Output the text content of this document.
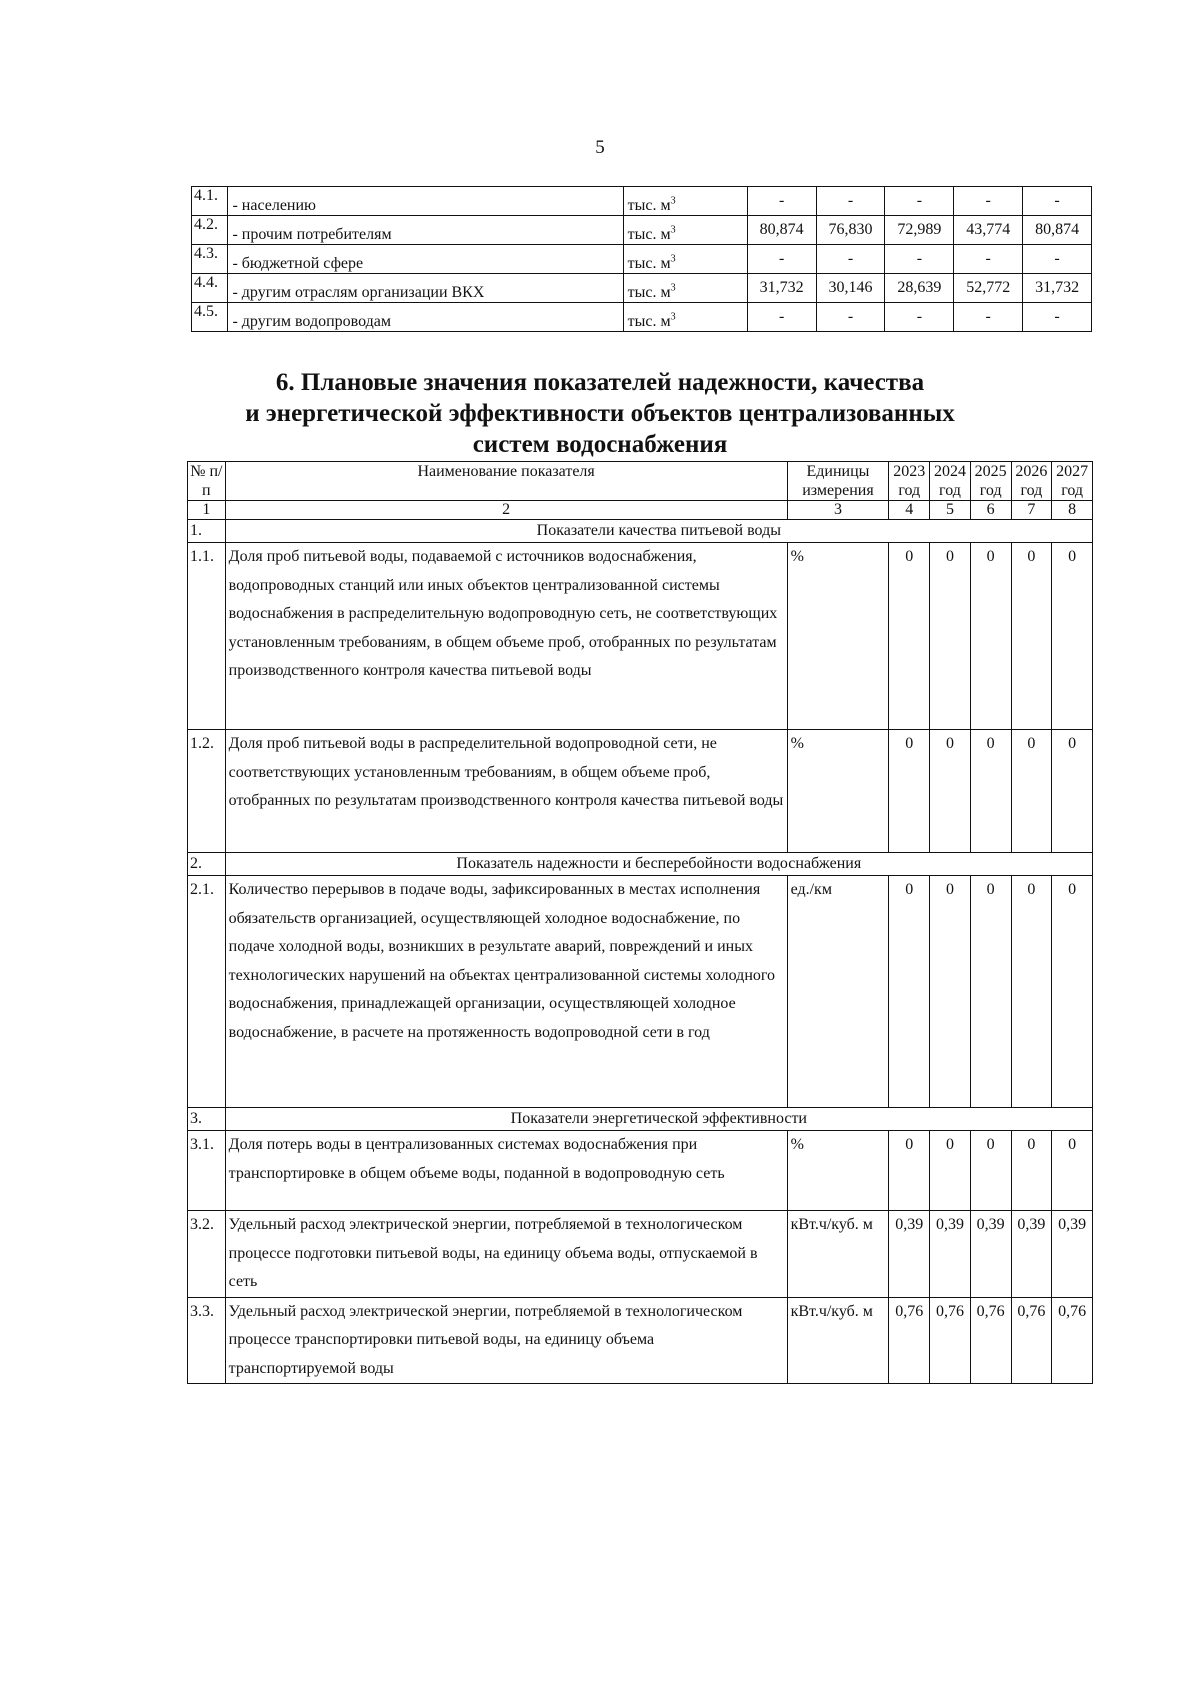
5
4.1.	- населению	тыс. $м^3$	-	-	-	-	-
4.2.	- прочим потребителям	тыс. $м^3$	80,874	76,830	72,989	43,774	80,874
4.3.	- бюджетной сфере	тыс. $м^3$	-	-	-	-	-
4.4.	- другим отраслям организации ВКХ	тыс. $м^3$	31,732	30,146	28,639	52,772	31,732
4.5.	- другим водопроводам	тыс. $м^3$	-	-	-	-	-
6. Плановые значения показателей надежности, качества
и энергетической эффективности объектов централизованных
систем водоснабжения
№ п/п	Наименование показателя	Единицы измерения	2023 год	2024 год	2025 год	2026 год	2027 год
1	2	3	4	5	6	7	8
1.	Показатели качества питьевой воды						
1.1.	Доля проб питьевой воды, подаваемой с источников водоснабжения, водопроводных станций или иных объектов централизованной системы водоснабжения в распределительную водопроводную сеть, не соответствующих установленным требованиям, в общем объеме проб, отобранных по результатам производственного контроля качества питьевой воды	%	0	0	0	0	0
1.2.	Доля проб питьевой воды в распределительной водопроводной сети, не соответствующих установленным требованиям, в общем объеме проб, отобранных по результатам производственного контроля качества питьевой воды	%	0	0	0	0	0
2.	Показатель надежности и бесперебойности водоснабжения						
2.1.	Количество перерывов в подаче воды, зафиксированных в местах исполнения обязательств организацией, осуществляющей холодное водоснабжение, по подаче холодной воды, возникших в результате аварий, повреждений и иных технологических нарушений на объектах централизованной системы холодного водоснабжения, принадлежащей организации, осуществляющей холодное водоснабжение, в расчете на протяженность водопроводной сети в год	ед./км	0	0	0	0	0
3.	Показатели энергетической эффективности						
3.1.	Доля потерь воды в централизованных системах водоснабжения при транспортировке в общем объеме воды, поданной в водопроводную сеть	%	0	0	0	0	0
3.2.	Удельный расход электрической энергии, потребляемой в технологическом процессе подготовки питьевой воды, на единицу объема воды, отпускаемой в сеть	кВт.ч/куб. м	0,39	0,39	0,39	0,39	0,39
3.3.	Удельный расход электрической энергии, потребляемой в технологическом процессе транспортировки питьевой воды, на единицу объема транспортируемой воды	кВт.ч/куб. м	0,76	0,76	0,76	0,76	0,76
